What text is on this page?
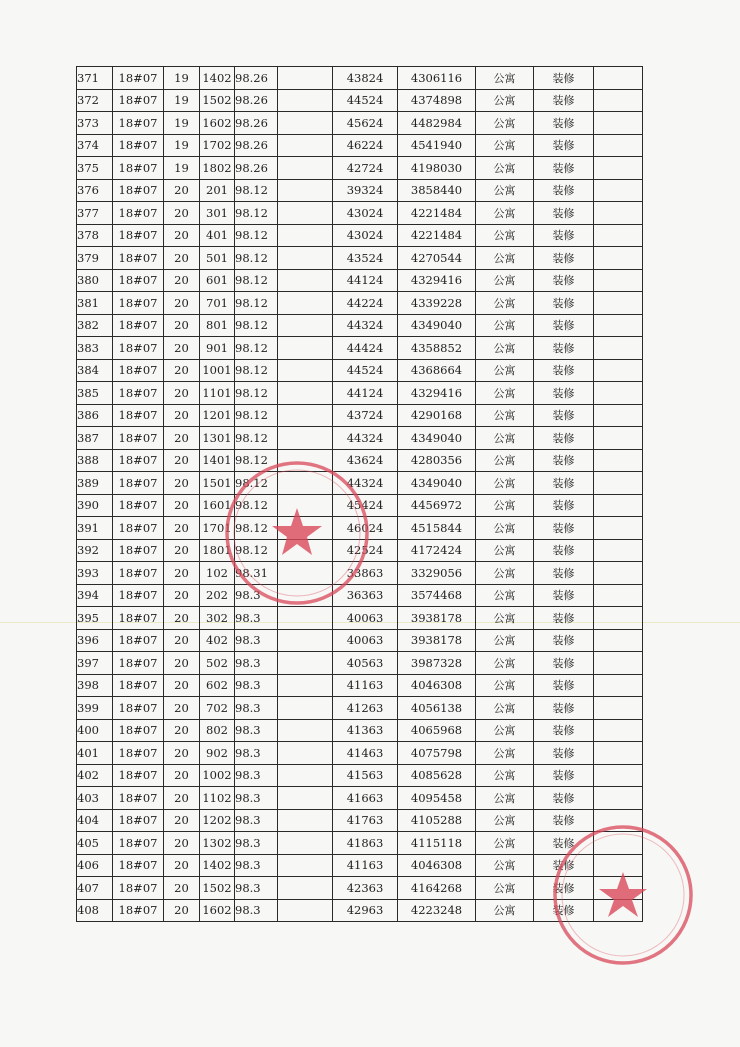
371	18#07	19	1402	98.26		43824	4306116	公寓	装修	
372	18#07	19	1502	98.26		44524	4374898	公寓	装修	
373	18#07	19	1602	98.26		45624	4482984	公寓	装修	
374	18#07	19	1702	98.26		46224	4541940	公寓	装修	
375	18#07	19	1802	98.26		42724	4198030	公寓	装修	
376	18#07	20	201	98.12		39324	3858440	公寓	装修	
377	18#07	20	301	98.12		43024	4221484	公寓	装修	
378	18#07	20	401	98.12		43024	4221484	公寓	装修	
379	18#07	20	501	98.12		43524	4270544	公寓	装修	
380	18#07	20	601	98.12		44124	4329416	公寓	装修	
381	18#07	20	701	98.12		44224	4339228	公寓	装修	
382	18#07	20	801	98.12		44324	4349040	公寓	装修	
383	18#07	20	901	98.12		44424	4358852	公寓	装修	
384	18#07	20	1001	98.12		44524	4368664	公寓	装修	
385	18#07	20	1101	98.12		44124	4329416	公寓	装修	
386	18#07	20	1201	98.12		43724	4290168	公寓	装修	
387	18#07	20	1301	98.12		44324	4349040	公寓	装修	
388	18#07	20	1401	98.12		43624	4280356	公寓	装修	
389	18#07	20	1501	98.12		44324	4349040	公寓	装修	
390	18#07	20	1601	98.12		45424	4456972	公寓	装修	
391	18#07	20	1701	98.12		46024	4515844	公寓	装修	
392	18#07	20	1801	98.12		42524	4172424	公寓	装修	
393	18#07	20	102	98.31		33863	3329056	公寓	装修	
394	18#07	20	202	98.3		36363	3574468	公寓	装修	
395	18#07	20	302	98.3		40063	3938178	公寓	装修	
396	18#07	20	402	98.3		40063	3938178	公寓	装修	
397	18#07	20	502	98.3		40563	3987328	公寓	装修	
398	18#07	20	602	98.3		41163	4046308	公寓	装修	
399	18#07	20	702	98.3		41263	4056138	公寓	装修	
400	18#07	20	802	98.3		41363	4065968	公寓	装修	
401	18#07	20	902	98.3		41463	4075798	公寓	装修	
402	18#07	20	1002	98.3		41563	4085628	公寓	装修	
403	18#07	20	1102	98.3		41663	4095458	公寓	装修	
404	18#07	20	1202	98.3		41763	4105288	公寓	装修	
405	18#07	20	1302	98.3		41863	4115118	公寓	装修	
406	18#07	20	1402	98.3		41163	4046308	公寓	装修	
407	18#07	20	1502	98.3		42363	4164268	公寓	装修	
408	18#07	20	1602	98.3		42963	4223248	公寓	装修	
